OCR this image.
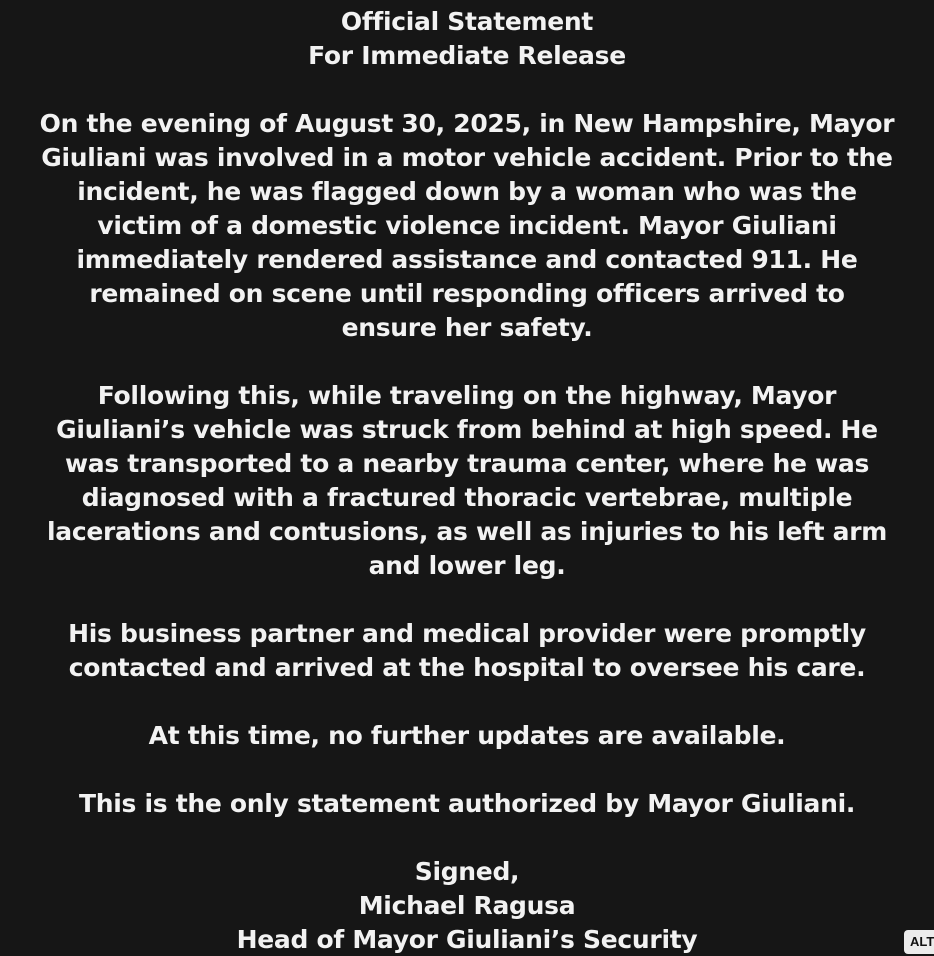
Official Statement

For Immediate Release

On the evening of August 30, 2025, in New Hampshire, Mayor

Giuliani was involved in a motor vehicle accident. Prior to the

incident, he was flagged down by a woman who was the

victim of a domestic violence incident. Mayor Giuliani

immediately rendered assistance and contacted 911. He

remained on scene until responding officers arrived to

ensure her safety.

Following this, while traveling on the highway, Mayor

Giuliani’s vehicle was struck from behind at high speed. He

was transported to a nearby trauma center, where he was

diagnosed with a fractured thoracic vertebrae, multiple

lacerations and contusions, as well as injuries to his left arm

and lower leg.

His business partner and medical provider were promptly

contacted and arrived at the hospital to oversee his care.

At this time, no further updates are available.

This is the only statement authorized by Mayor Giuliani.

Signed,

Michael Ragusa

Head of Mayor Giuliani’s Security	ALT
